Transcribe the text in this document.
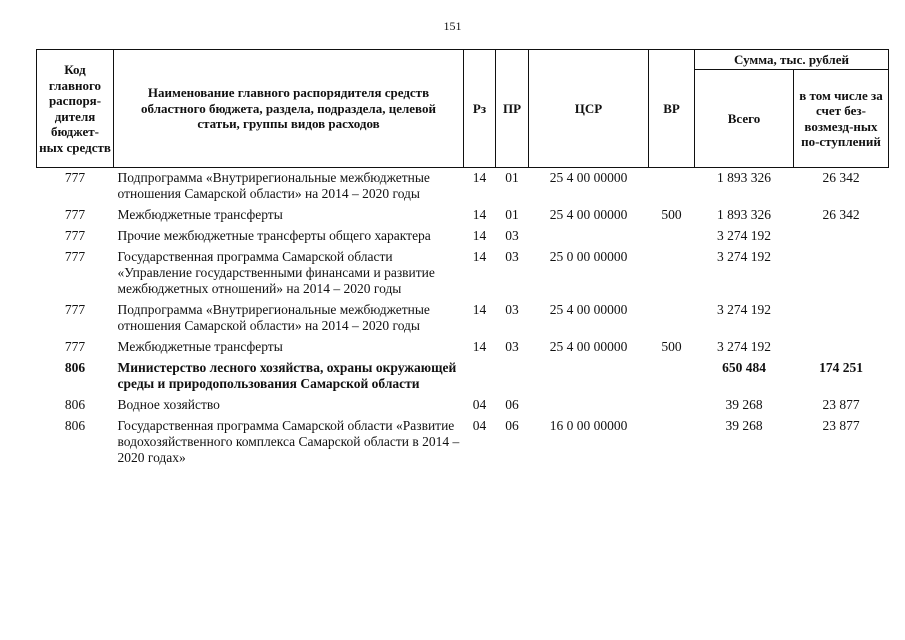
151
Код главного распоря-дителя бюджет-ных средств	Наименование главного распорядителя средств областного бюджета, раздела, подраздела, целевой статьи, группы видов расходов	Рз	ПР	ЦСР	ВР	Сумма, тыс. рублей	
						Всего	в том числе за счет без-возмезд-ных по-ступлений
777	Подпрограмма «Внутрирегиональные межбюджетные отношения Самарской области» на 2014 – 2020 годы	14	01	25 4 00 00000		1 893 326	26 342
777	Межбюджетные трансферты	14	01	25 4 00 00000	500	1 893 326	26 342
777	Прочие межбюджетные трансферты общего характера	14	03			3 274 192	
777	Государственная программа Самарской области «Управление государственными финансами и развитие межбюджетных отношений» на 2014 – 2020 годы	14	03	25 0 00 00000		3 274 192	
777	Подпрограмма «Внутрирегиональные межбюджетные отношения Самарской области» на 2014 – 2020 годы	14	03	25 4 00 00000		3 274 192	
777	Межбюджетные трансферты	14	03	25 4 00 00000	500	3 274 192	
806	Министерство лесного хозяйства, охраны окружающей среды и природопользования Самарской области					650 484	174 251
806	Водное хозяйство	04	06			39 268	23 877
806	Государственная программа Самарской области «Развитие водохозяйственного комплекса Самарской области в 2014 – 2020 годах»	04	06	16 0 00 00000		39 268	23 877
